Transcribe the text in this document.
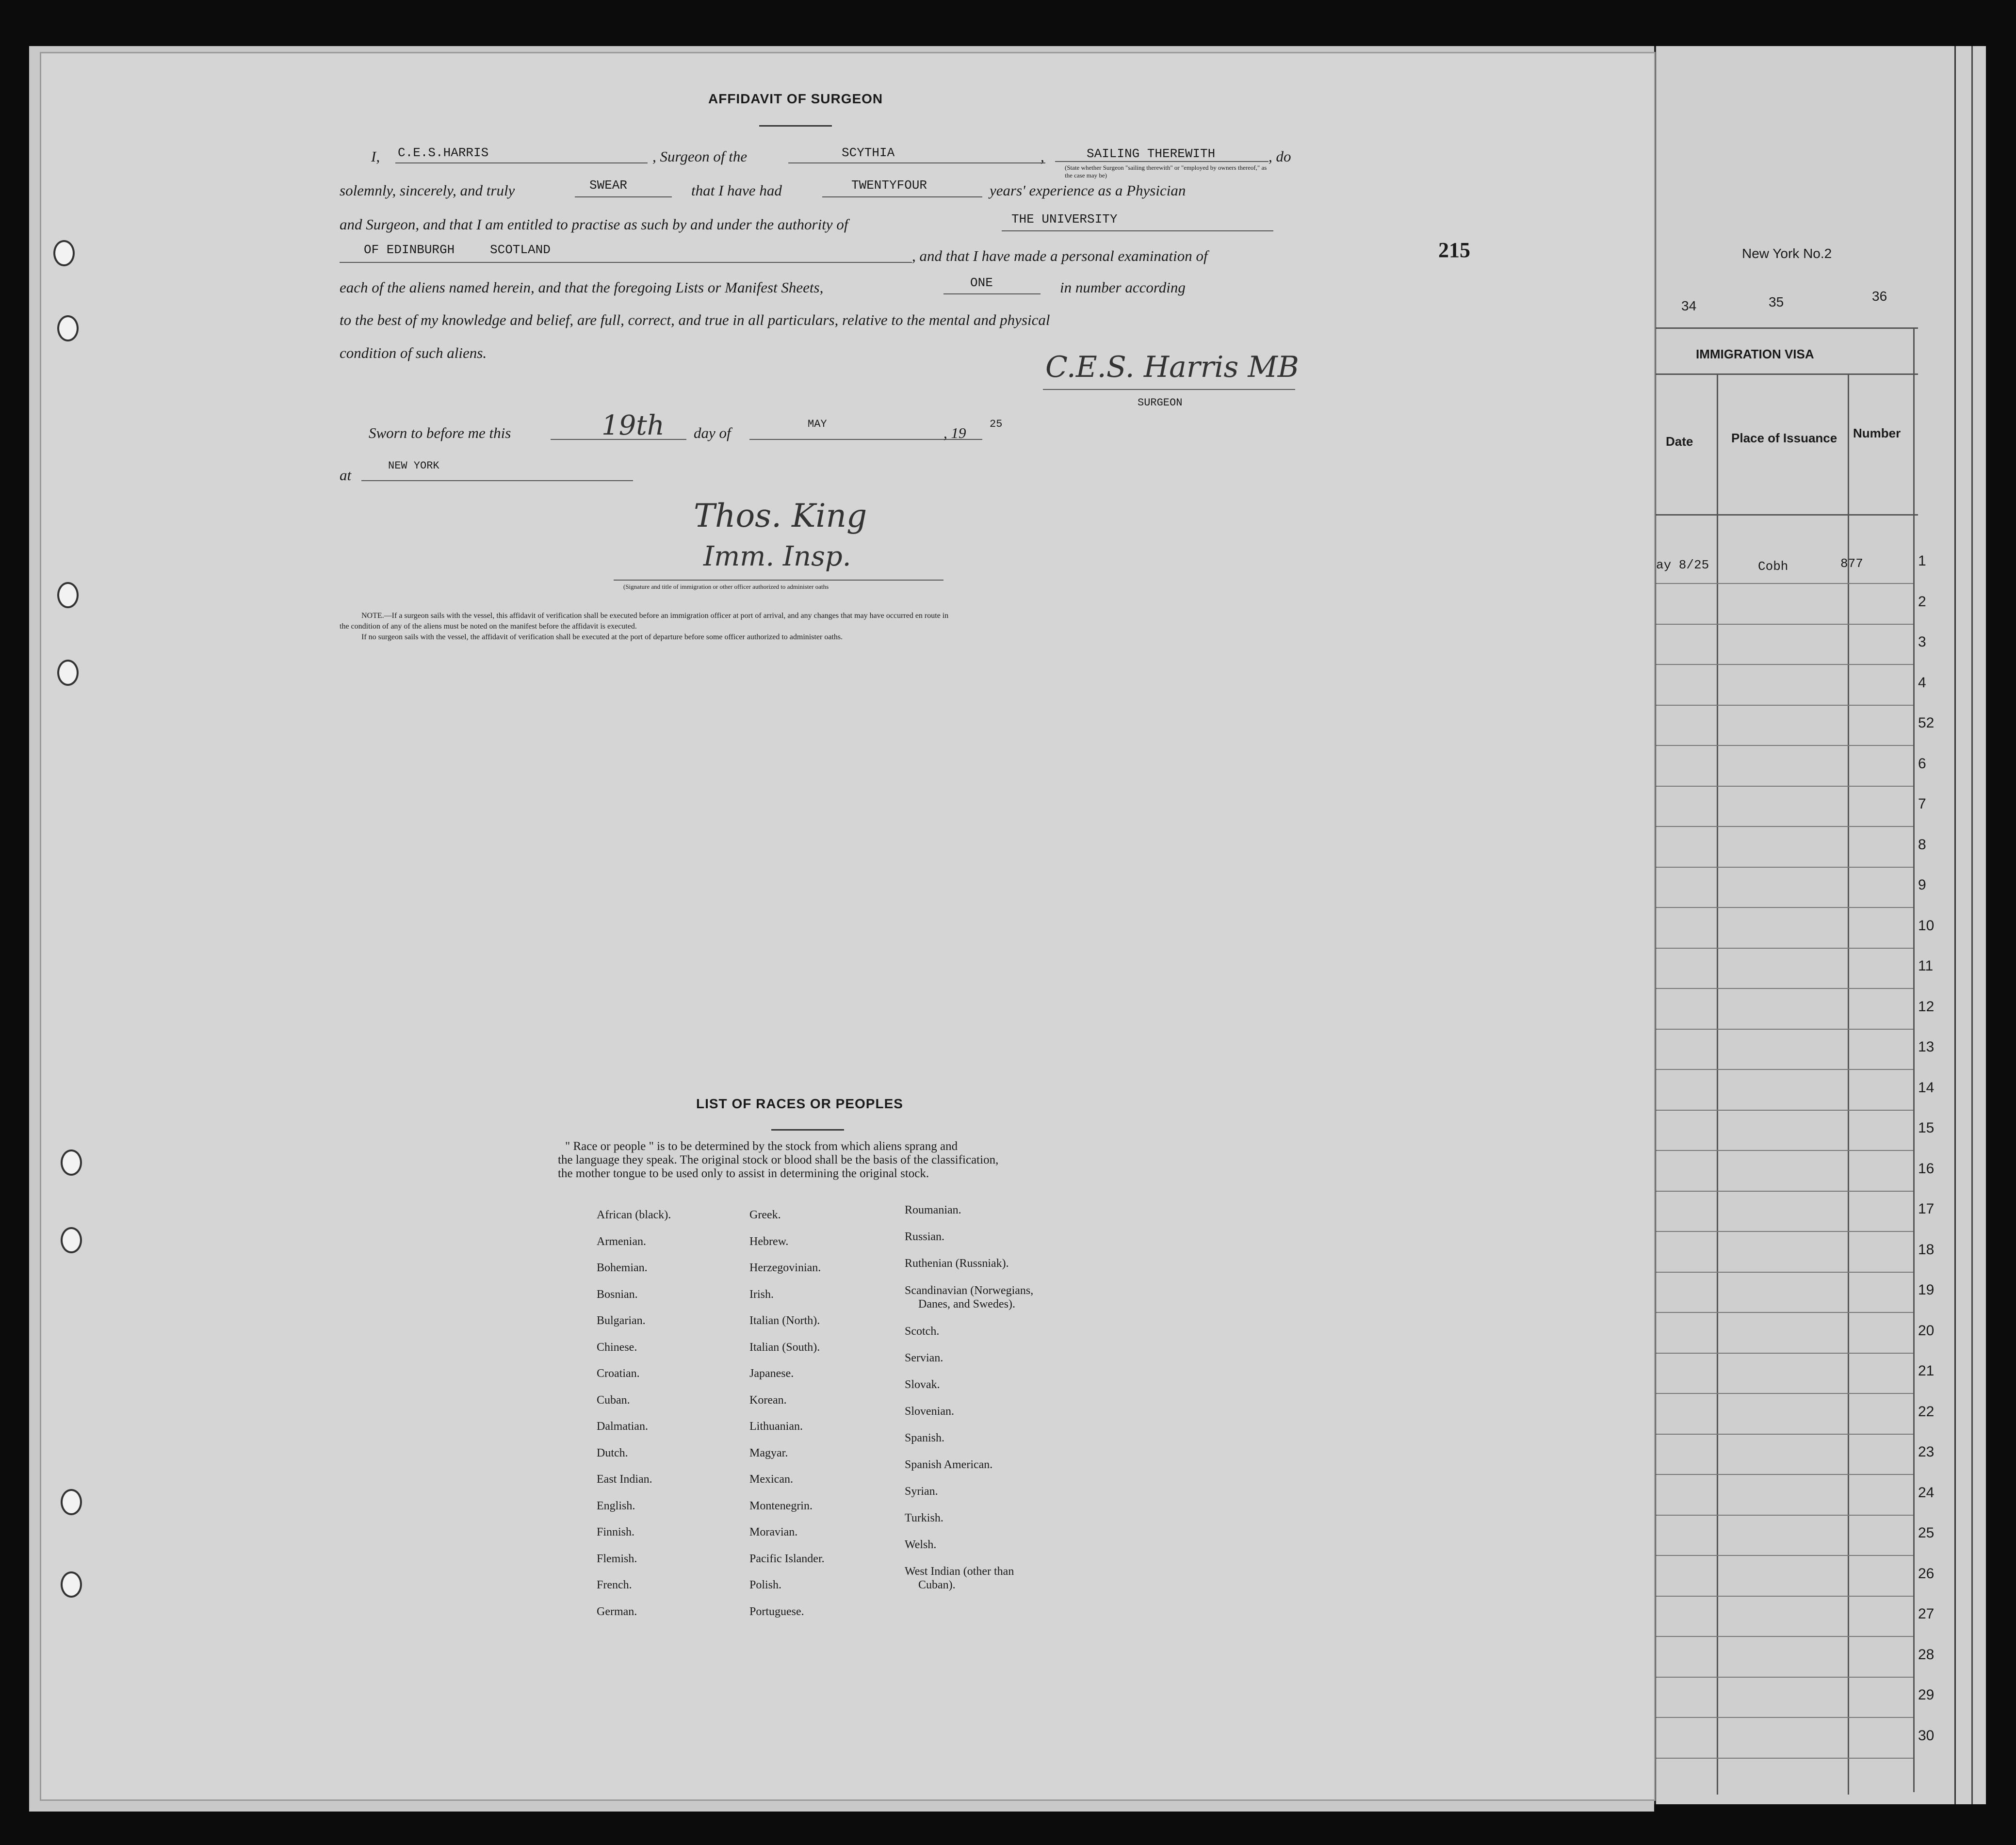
New York No.2
34	35	36
IMMIGRATION VISA
Date	Place of Issuance Number
ay 8/25	Cobh	877	1
2
3
4
52
6
7
8
9
10
11
12
13
14
15
16
17
18
19
20
21
22
23
24
25
26
27
28
29
30
AFFIDAVIT OF SURGEON
215
I, C.E.S.HARRIS	, Surgeon of the	SCYTHIA	,	SAILING THEREWITH
(State whether Surgeon "sailing therewith" or "employed by owners thereof," as the case may be)
, do
solemnly, sincerely, and truly	SWEAR	that I have had	TWENTYFOUR	years' experience as a Physician
and Surgeon, and that I am entitled to practise as such by and under the authority of	THE UNIVERSITY
OF EDINBURGH	SCOTLAND	, and that I have made a personal examination of
each of the aliens named herein, and that the foregoing Lists or Manifest Sheets,	ONE	in number according
to the best of my knowledge and belief, are full, correct, and true in all particulars, relative to the mental and physical
condition of such aliens.	C.E.S. Harris MB
SURGEON
Sworn to before me this	19th day of
MAY
, 19
25
at
NEW YORK
Thos. King
Imm. Insp.
(Signature and title of immigration or other officer authorized to administer oaths
NOTE.—If a surgeon sails with the vessel, this affidavit of verification shall be executed before an immigration officer at port of arrival, and any changes that may have occurred en route in
the condition of any of the aliens must be noted on the manifest before the affidavit is executed.
If no surgeon sails with the vessel, the affidavit of verification shall be executed at the port of departure before some officer authorized to administer oaths.
LIST OF RACES OR PEOPLES
" Race or people " is to be determined by the stock from which aliens sprang and
the language they speak. The original stock or blood shall be the basis of the classification,
the mother tongue to be used only to assist in determining the original stock.
African (black).
Armenian.
Bohemian.
Bosnian.
Bulgarian.
Chinese.
Croatian.
Cuban.
Dalmatian.
Dutch.
East Indian.
English.
Finnish.
Flemish.
French.
German.
Greek.
Hebrew.
Herzegovinian.
Irish.
Italian (North).
Italian (South).
Japanese.
Korean.
Lithuanian.
Magyar.
Mexican.
Montenegrin.
Moravian.
Pacific Islander.
Polish.
Portuguese.
Roumanian.
Russian.
Ruthenian (Russniak).
Scandinavian (Norwegians,
Danes, and Swedes).
Scotch.
Servian.
Slovak.
Slovenian.
Spanish.
Spanish American.
Syrian.
Turkish.
Welsh.
West Indian (other than
Cuban).
